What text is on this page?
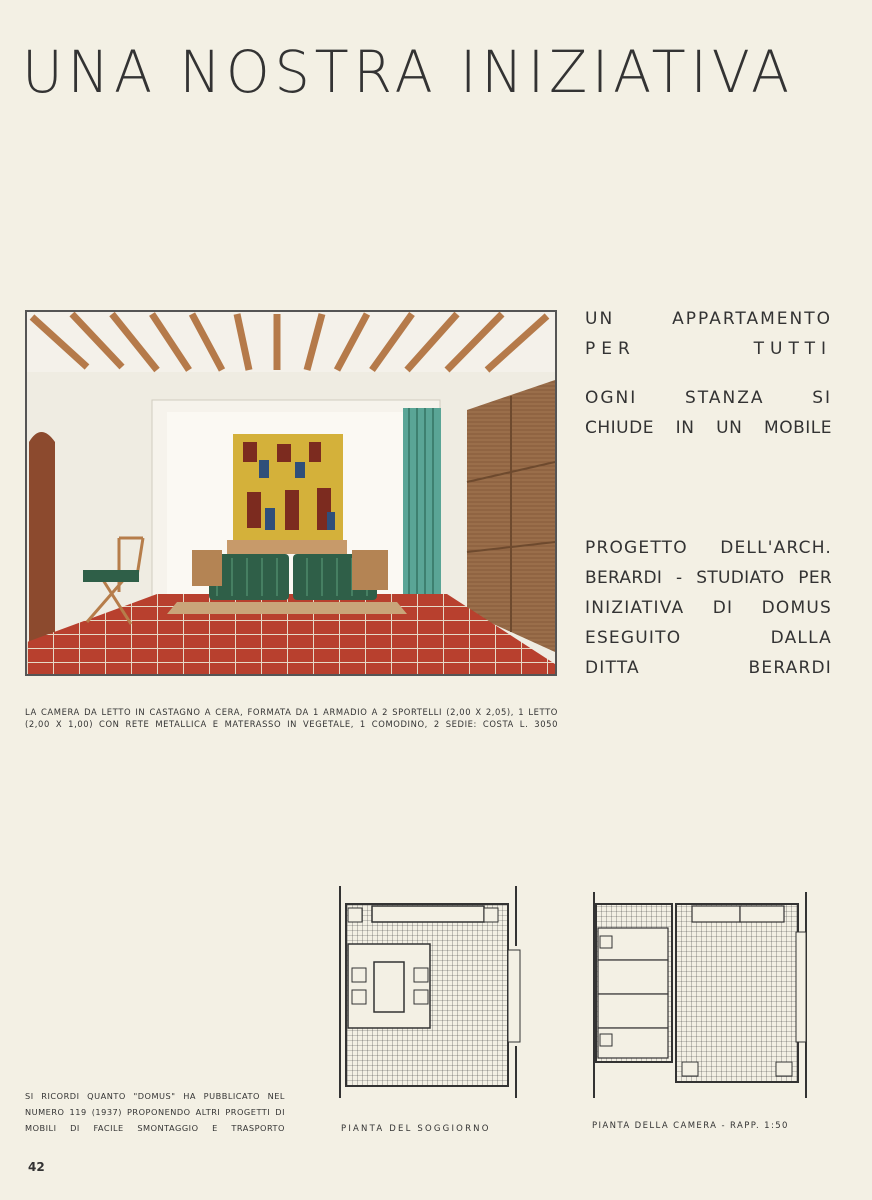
UNA NOSTRA INIZIATIVA
LA CAMERA DA LETTO IN CASTAGNO A CERA, FORMATA DA 1 ARMADIO A 2 SPORTELLI (2,00 X 2,05), 1 LETTO
(2,00 X 1,00) CON RETE METALLICA E MATERASSO IN VEGETALE, 1 COMODINO, 2 SEDIE: COSTA L. 3050
UN APPARTAMENTO
PER TUTTI
OGNI STANZA SI
CHIUDE IN UN MOBILE
PROGETTO DELL'ARCH.
BERARDI - STUDIATO PER
INIZIATIVA DI DOMUS
ESEGUITO DALLA
DITTA BERARDI
SI RICORDI QUANTO "DOMUS" HA PUBBLICATO NEL
NUMERO 119 (1937) PROPONENDO ALTRI PROGETTI DI
MOBILI DI FACILE SMONTAGGIO E TRASPORTO	PIANTA DEL SOGGIORNO	PIANTA DELLA CAMERA - RAPP. 1:50
42
